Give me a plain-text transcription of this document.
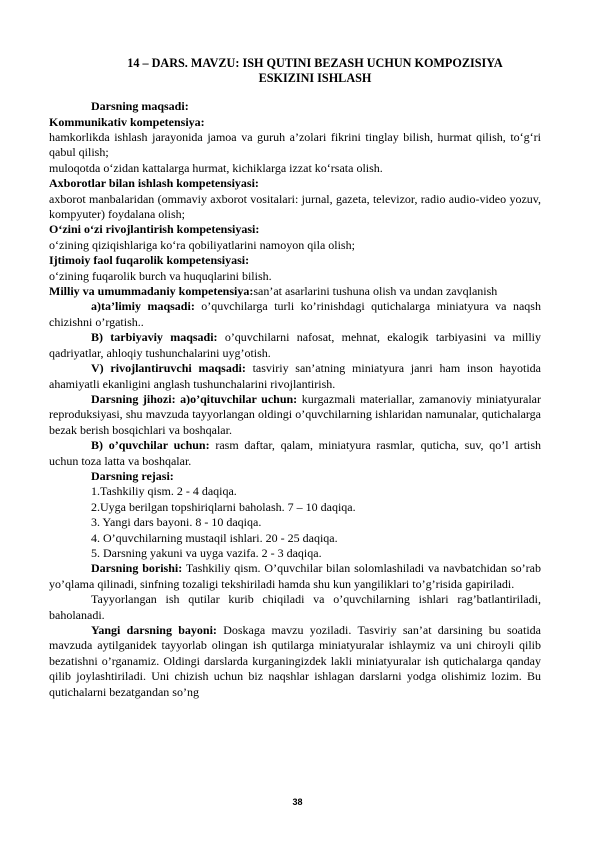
14 – DARS. MAVZU: ISH QUTINI BEZASH UCHUN KOMPOZISIYA
ESKIZINI ISHLASH

Darsning maqsadi:

Kommunikativ kompetensiya:

hamkorlikda ishlash jarayonida jamoa va guruh a’zolari fikrini tinglay bilish, hurmat qilish, to‘g‘ri qabul qilish;

muloqotda o‘zidan kattalarga hurmat, kichiklarga izzat ko‘rsata olish.

Axborotlar bilan ishlash kompetensiyasi:

axborot manbalaridan (ommaviy axborot vositalari: jurnal, gazeta, televizor, radio audio-video yozuv, kompyuter) foydalana olish;

O‘zini o‘zi rivojlantirish kompetensiyasi:

o‘zining qiziqishlariga ko‘ra qobiliyatlarini namoyon qila olish;

Ijtimoiy faol fuqarolik kompetensiyasi:

o‘zining fuqarolik burch va huquqlarini bilish.

Milliy va umummadaniy kompetensiya:san’at asarlarini tushuna olish va undan zavqlanish

a)ta’limiy maqsadi: o’quvchilarga turli ko’rinishdagi qutichalarga miniatyura va naqsh chizishni o’rgatish..

B) tarbiyaviy maqsadi: o’quvchilarni nafosat, mehnat, ekalogik tarbiyasini va milliy qadriyatlar, ahloqiy tushunchalarini uyg’otish.

V) rivojlantiruvchi maqsadi: tasviriy san’atning miniatyura janri ham inson hayotida ahamiyatli ekanligini anglash tushunchalarini rivojlantirish.

Darsning jihozi: a)o’qituvchilar uchun: kurgazmali materiallar, zamanoviy miniatyuralar reproduksiyasi, shu mavzuda tayyorlangan oldingi o’quvchilarning ishlaridan namunalar, qutichalarga bezak berish bosqichlari va boshqalar.

B) o’quvchilar uchun: rasm daftar, qalam, miniatyura rasmlar, quticha, suv, qo’l artish uchun toza latta va boshqalar.

Darsning rejasi:

1.Tashkiliy qism. 2 - 4 daqiqa.

2.Uyga berilgan topshiriqlarni baholash. 7 – 10 daqiqa.

3. Yangi dars bayoni. 8 - 10 daqiqa.

4. O’quvchilarning mustaqil ishlari. 20 - 25 daqiqa.

5. Darsning yakuni va uyga vazifa. 2 - 3 daqiqa.

Darsning borishi: Tashkiliy qism. O’quvchilar bilan solomlashiladi va navbatchidan so’rab yo’qlama qilinadi, sinfning tozaligi tekshiriladi hamda shu kun yangiliklari to’g’risida gapiriladi.

Tayyorlangan ish qutilar kurib chiqiladi va o’quvchilarning ishlari rag’batlantiriladi, baholanadi.

Yangi darsning bayoni: Doskaga mavzu yoziladi. Tasviriy san’at darsining bu soatida mavzuda aytilganidek tayyorlab olingan ish qutilarga miniatyuralar ishlaymiz va uni chiroyli qilib bezatishni o’rganamiz. Oldingi darslarda kurganingizdek lakli miniatyuralar ish qutichalarga qanday qilib joylashtiriladi. Uni chizish uchun biz naqshlar ishlagan darslarni yodga olishimiz lozim. Bu qutichalarni bezatgandan so’ng

38
